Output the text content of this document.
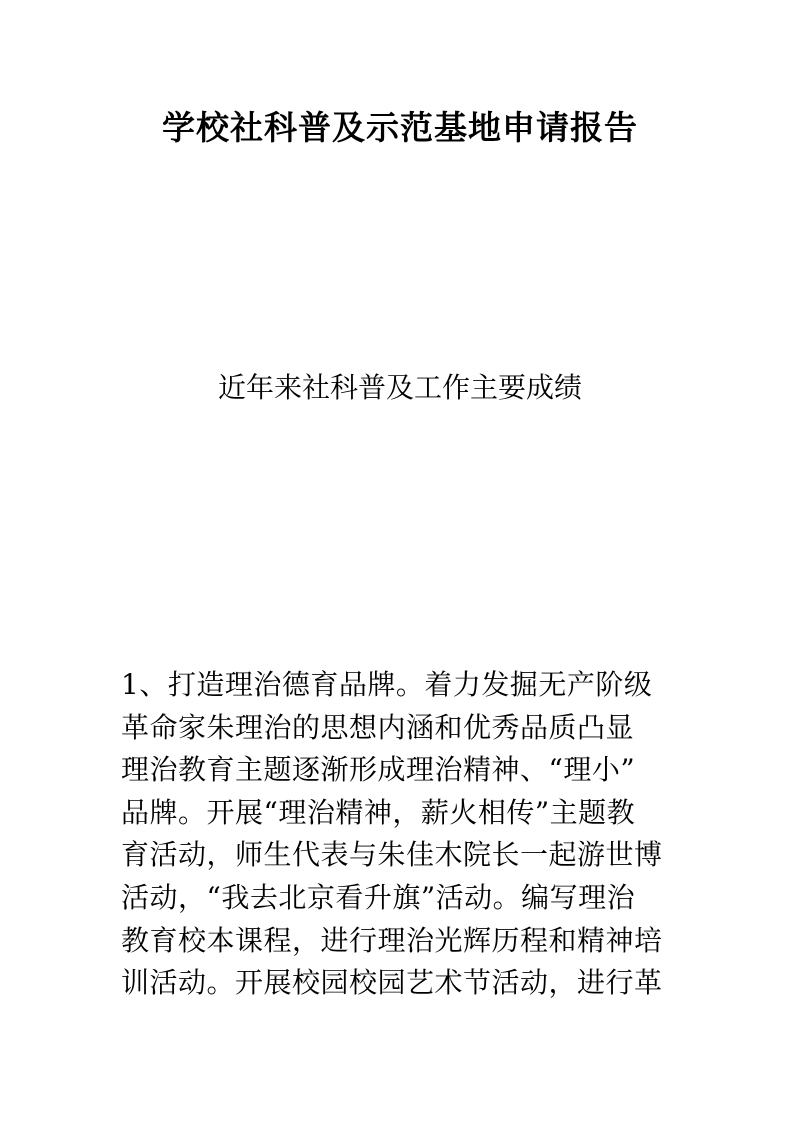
学校社科普及示范基地申请报告
近年来社科普及工作主要成绩
1、打造理治德育品牌。着力发掘无产阶级
革命家朱理治的思想内涵和优秀品质凸显
理治教育主题逐渐形成理治精神、“理小”
品牌。开展“理治精神，薪火相传”主题教
育活动，师生代表与朱佳木院长一起游世博
活动，“我去北京看升旗”活动。编写理治
教育校本课程，进行理治光辉历程和精神培
训活动。开展校园校园艺术节活动，进行革
